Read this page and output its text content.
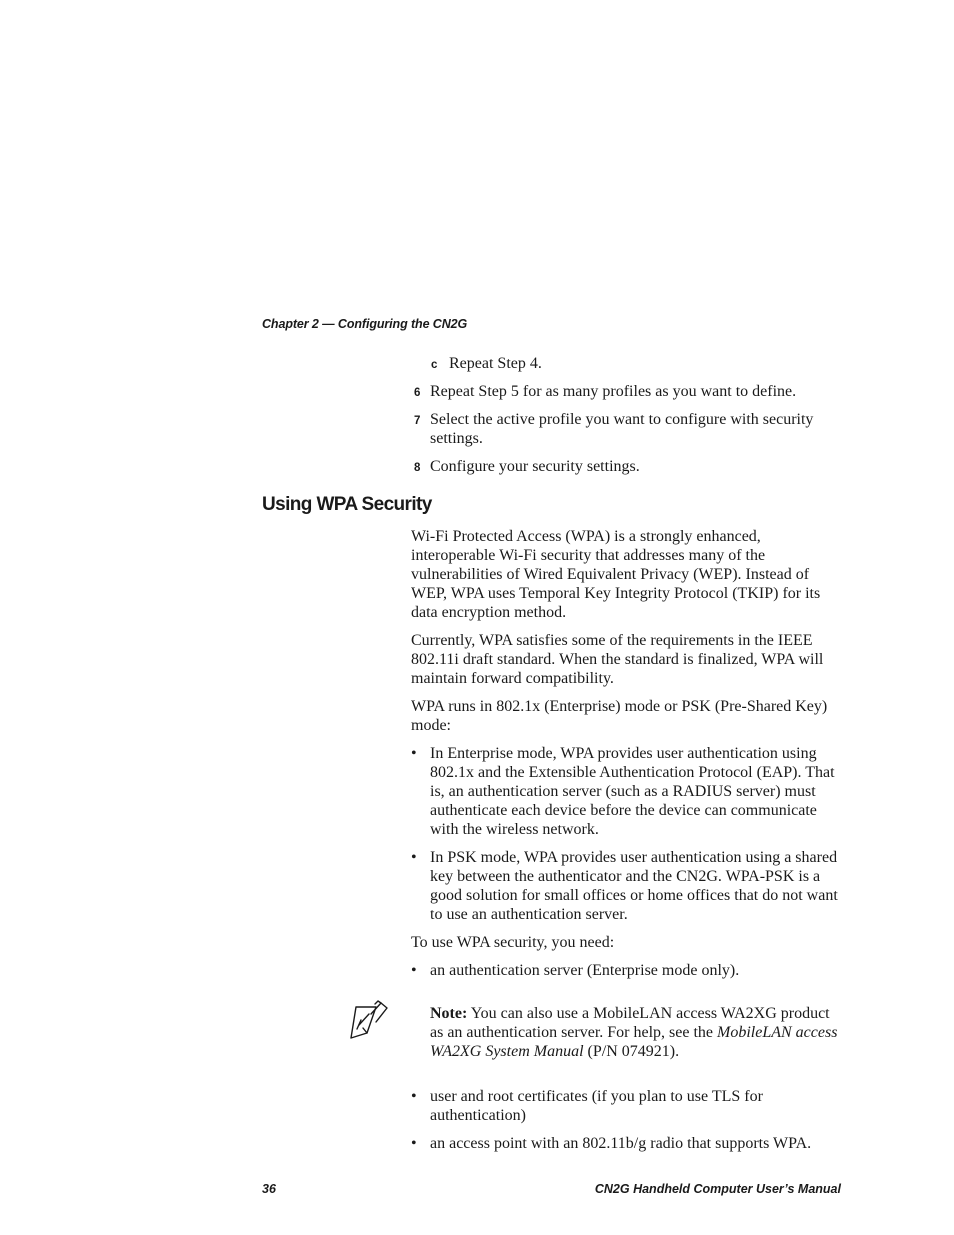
Chapter 2 — Configuring the CN2G
c Repeat Step 4.
6 Repeat Step 5 for as many profiles as you want to define.
7 Select the active profile you want to configure with security settings.
8 Configure your security settings.
Using WPA Security

Wi-Fi Protected Access (WPA) is a strongly enhanced, interoperable Wi-Fi security that addresses many of the vulnerabilities of Wired Equivalent Privacy (WEP). Instead of WEP, WPA uses Temporal Key Integrity Protocol (TKIP) for its data encryption method.

Currently, WPA satisfies some of the requirements in the IEEE 802.11i draft standard. When the standard is finalized, WPA will maintain forward compatibility.

WPA runs in 802.1x (Enterprise) mode or PSK (Pre-Shared Key) mode:

• In Enterprise mode, WPA provides user authentication using 802.1x and the Extensible Authentication Protocol (EAP). That is, an authentication server (such as a RADIUS server) must authenticate each device before the device can communicate with the wireless network.
• In PSK mode, WPA provides user authentication using a shared key between the authenticator and the CN2G. WPA-PSK is a good solution for small offices or home offices that do not want to use an authentication server.

To use WPA security, you need:

• an authentication server (Enterprise mode only).
Note: You can also use a MobileLAN access WA2XG product as an authentication server. For help, see the MobileLAN access WA2XG System Manual (P/N 074921).
• user and root certificates (if you plan to use TLS for authentication)
• an access point with an 802.11b/g radio that supports WPA.
36	CN2G Handheld Computer User’s Manual
